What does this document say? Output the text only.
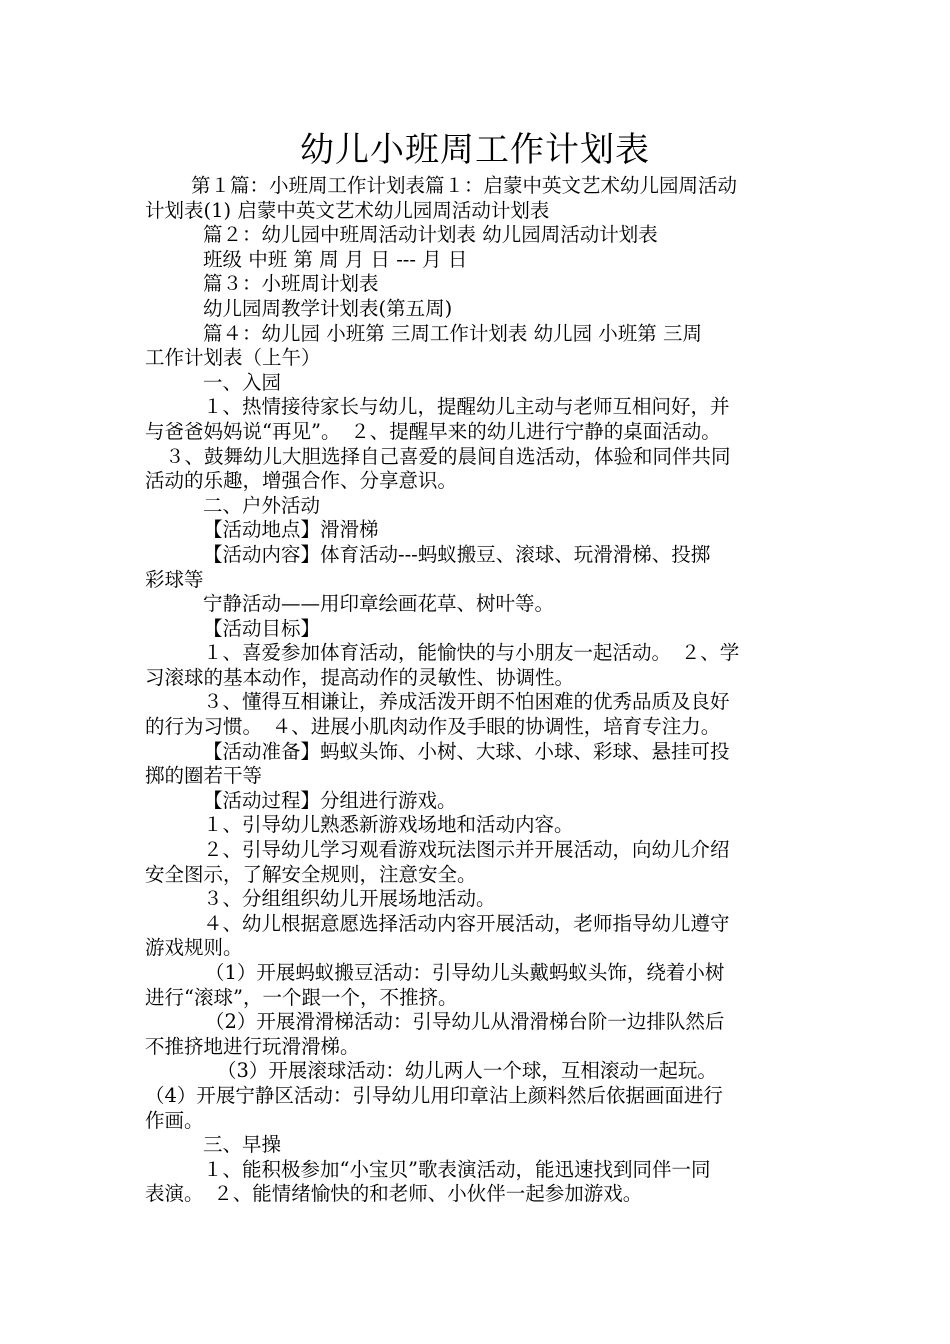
幼儿小班周工作计划表

第１篇：小班周工作计划表篇１：启蒙中英文艺术幼儿园周活动

计划表(1) 启蒙中英文艺术幼儿园周活动计划表

篇２：幼儿园中班周活动计划表 幼儿园周活动计划表

班级 中班 第 周 月 日 --- 月 日

篇３：小班周计划表

幼儿园周教学计划表(第五周)

篇４：幼儿园 小班第 三周工作计划表 幼儿园 小班第 三周

工作计划表（上午）

一、入园

１、热情接待家长与幼儿，提醒幼儿主动与老师互相问好，并

与爸爸妈妈说“再见”。　２、提醒早来的幼儿进行宁静的桌面活动。

３、鼓舞幼儿大胆选择自己喜爱的晨间自选活动，体验和同伴共同

活动的乐趣，增强合作、分享意识。

二、户外活动

【活动地点】滑滑梯

【活动内容】体育活动---蚂蚁搬豆、滚球、玩滑滑梯、投掷

彩球等

宁静活动——用印章绘画花草、树叶等。

【活动目标】

１、喜爱参加体育活动，能愉快的与小朋友一起活动。　２、学

习滚球的基本动作，提高动作的灵敏性、协调性。

３、懂得互相谦让，养成活泼开朗不怕困难的优秀品质及良好

的行为习惯。　４、进展小肌肉动作及手眼的协调性，培育专注力。

【活动准备】蚂蚁头饰、小树、大球、小球、彩球、悬挂可投

掷的圈若干等

【活动过程】分组进行游戏。

１、引导幼儿熟悉新游戏场地和活动内容。

２、引导幼儿学习观看游戏玩法图示并开展活动，向幼儿介绍

安全图示，了解安全规则，注意安全。

３、分组组织幼儿开展场地活动。

４、幼儿根据意愿选择活动内容开展活动，老师指导幼儿遵守

游戏规则。

（1）开展蚂蚁搬豆活动：引导幼儿头戴蚂蚁头饰，绕着小树

进行“滚球”，一个跟一个，不推挤。

（2）开展滑滑梯活动：引导幼儿从滑滑梯台阶一边排队然后

不推挤地进行玩滑滑梯。

（3）开展滚球活动：幼儿两人一个球，互相滚动一起玩。

（4）开展宁静区活动：引导幼儿用印章沾上颜料然后依据画面进行

作画。

三、早操

１、能积极参加“小宝贝”歌表演活动，能迅速找到同伴一同

表演。　２、能情绪愉快的和老师、小伙伴一起参加游戏。
